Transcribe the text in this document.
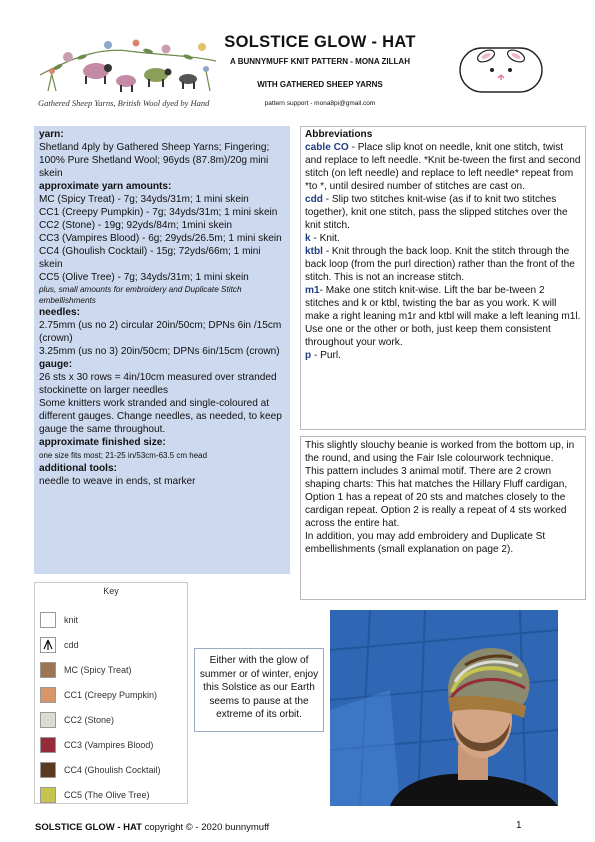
Gathered Sheep Yarns, British Wool dyed by Hand
SOLSTICE GLOW - HAT
A BUNNYMUFF KNIT PATTERN - MONA ZILLAH
WITH GATHERED SHEEP YARNS
pattern support - mona8pi@gmail.com
yarn:
Shetland 4ply by Gathered Sheep Yarns; Fingering; 100% Pure Shetland Wool; 96yds (87.8m)/20g mini skein
approximate yarn amounts:
MC (Spicy Treat) - 7g; 34yds/31m; 1 mini skein
CC1 (Creepy Pumpkin) - 7g; 34yds/31m; 1 mini skein
CC2 (Stone) - 19g; 92yds/84m; 1mini skein
CC3 (Vampires Blood) - 6g; 29yds/26.5m; 1 mini skein
CC4 (Ghoulish Cocktail) - 15g; 72yds/66m; 1 mini skein
CC5 (Olive Tree) - 7g; 34yds/31m; 1 mini skein
plus, small amounts for embroidery and Duplicate Stitch embellishments
needles:
2.75mm (us no 2) circular 20in/50cm; DPNs 6in /15cm (crown)
3.25mm (us no 3) 20in/50cm; DPNs 6in/15cm (crown)
gauge:
26 sts x 30 rows = 4in/10cm measured over stranded stockinette on larger needles
Some knitters work stranded and single-coloured at different gauges. Change needles, as needed, to keep gauge the same throughout.
approximate finished size:
one size fits most; 21-25 in/53cm-63.5 cm head
additional tools:
needle to weave in ends, st marker
Abbreviations
cable CO - Place slip knot on needle, knit one stitch, twist and replace to left needle. *Knit be-tween the first and second stitch (on left needle) and replace to left needle* repeat from *to *, until desired number of stitches are cast on.
cdd - Slip two stitches knit-wise (as if to knit two stitches together), knit one stitch, pass the slipped stitches over the knit stitch.
k - Knit.
ktbl - Knit through the back loop. Knit the stitch through the back loop (from the purl direction) rather than the front of the stitch. This is not an increase stitch.
m1- Make one stitch knit-wise. Lift the bar be-tween 2 stitches and k or ktbl, twisting the bar as you work. K will make a right leaning m1r and ktbl will make a left leaning m1l. Use one or the other or both, just keep them consistent throughout your work.
p - Purl.

This slightly slouchy beanie is worked from the bottom up, in the round, and using the Fair Isle colourwork technique.

This pattern includes 3 animal motif. There are 2 crown shaping charts: This hat matches the Hillary Fluff cardigan, Option 1 has a repeat of 20 sts and matches closely to the cardigan repeat. Option 2 is really a repeat of 4 sts worked across the entire hat.

In addition, you may add embroidery and Duplicate St embellishments (small explanation on page 2).

Key
knit
cdd
MC (Spicy Treat)
CC1 (Creepy Pumpkin)
CC2 (Stone)
CC3 (Vampires Blood)
CC4 (Ghoulish Cocktail)
CC5 (The Olive Tree)
Either with the glow of summer or of winter, enjoy this Solstice as our Earth seems to pause at the extreme of its orbit.
SOLSTICE GLOW - HAT copyright © - 2020 bunnymuff	1
